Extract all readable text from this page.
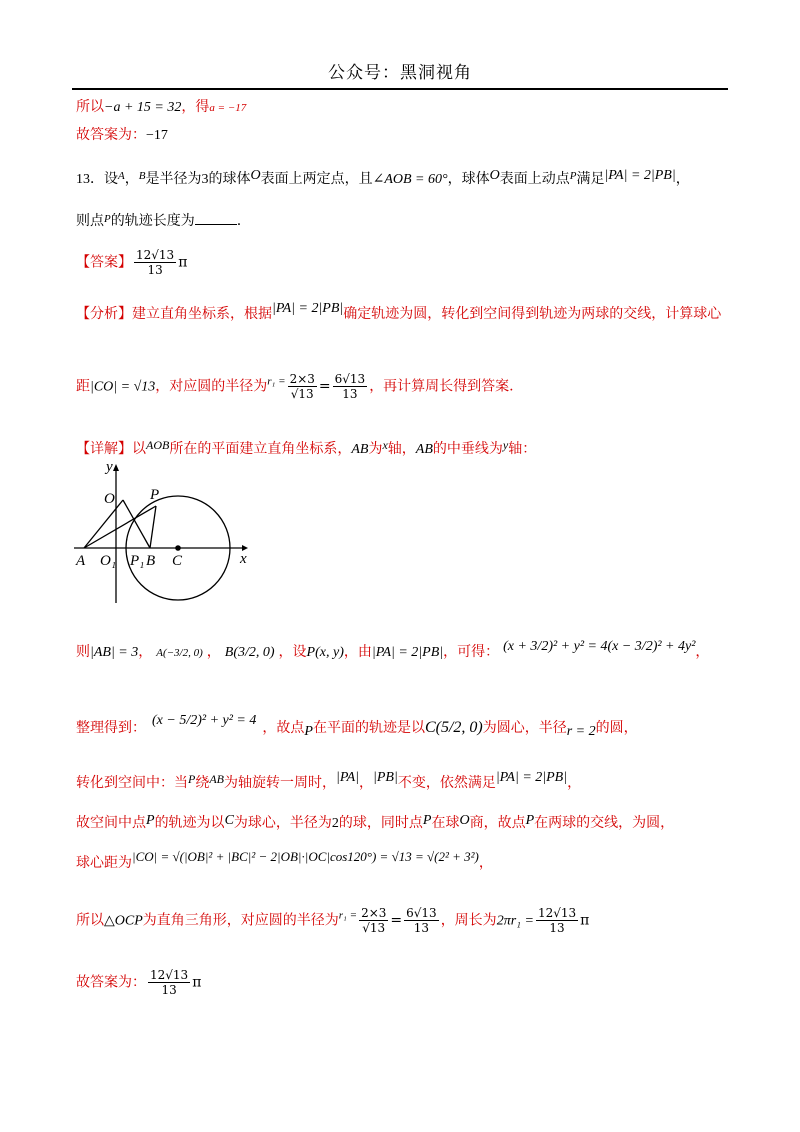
公众号：黑洞视角
所以−a + 15 = 32，得a = −17
故答案为：−17
13．设$^A$，$^B$是半径为3的球体O表面上两定点，且∠AOB = 60°，球体O表面上动点$^P$满足|PA| = 2|PB|，
则点$^P$的轨迹长度为	.
【答案】 $\frac{12√13}{13}$ π
【分析】建立直角坐标系，根据|PA| = 2|PB|确定轨迹为圆，转化到空间得到轨迹为两球的交线，计算球心
距|CO| = √13，对应圆的半径为$^{r_1 =} \frac{2\times 3}{√13} = \frac{6√13}{13}$ ，再计算周长得到答案.
【详解】以AOB所在的平面建立直角坐标系，AB为x轴，AB的中垂线为y轴：
y
O P
A O₁ P₁ B C	x
则|AB| = 3， A(−3/2, 0) ， B(3/2, 0) ，设P(x, y)，由|PA| = 2|PB|，可得： (x + 3/2)² + y² = 4(x − 3/2)² + 4y²，
整理得到： (x − 5/2)² + y² = 4 ，故点P在平面的轨迹是以C(5/2, 0)为圆心，半径r = 2的圆，
转化到空间中：当P绕AB为轴旋转一周时，|PA|，|PB|不变，依然满足|PA| = 2|PB|，
故空间中点P的轨迹为以C为球心，半径为2的球，同时点P在球O商，故点P在两球的交线，为圆，
球心距为|CO| = √(|OB|² + |BC|² − 2|OB|·|OC|cos120°) = √13 = √(2² + 3²)，
所以△OCP为直角三角形，对应圆的半径为$^{r_1 =} \frac{2\times 3}{√13} = \frac{6√13}{13}$ ，周长为$2\pi r_1 = \frac{12√13}{13}$ π
故答案为： $\frac{12√13}{13}$ π
